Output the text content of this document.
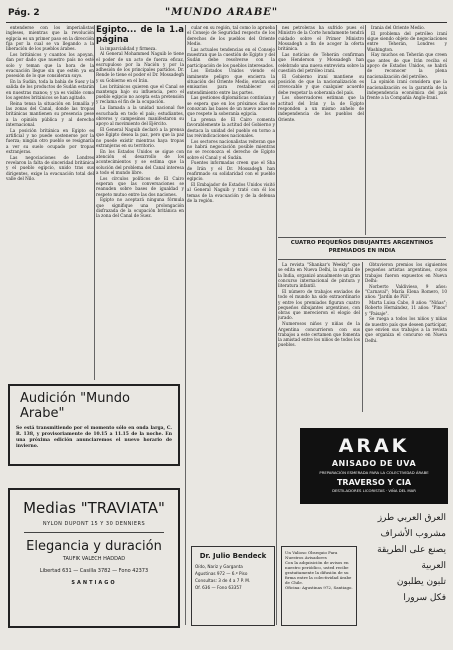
Pág. 2	"MUNDO ARABE"

entenderse con los imperialistas ingleses, mientras que la revolución egipcia es un primer paso en la dirección fija por la cual se va llegando a la liberación de los pueblos árabes.

Los británicos y cuantos los apoyan, dan por dado que nuestro país no esté solo y teman que la hora de la evacuación llegue sin que estén ya en posesión de lo que consideran suyo.

En la Sudán, toda la bahía de Suez y la salida de los productos de Sudán estarán en nuestras manos; y ya es visible como los agentes británicos se han agitado.

Reina tensa la situación en Ismailía y las zonas del Canal, donde las tropas británicas mantienen su presencia pese a la opinión pública y al derecho internacional.

La posición británica en Egipto es artificial y no puede sostenerse por la fuerza; ningún otro pueblo se resignaría a ver su suelo ocupado por tropas extranjeras.

Las negociaciones de Londres revelaron la falta de sinceridad británica y el pueblo egipcio, unido tras sus dirigentes, exige la evacuación total del valle del Nilo.

Egipto... de la 1.a página

la imparcialidad y firmeza.

Al General Mohammed Naguib le tiene el poder de un acto de fuerza eficaz, escrupuloso por la Nación y por la adhesión de los principales partidos. Dr. Rende le tiene el poder el Dr. Mossadegh y su Gobierno en el Irán.

Los británicos quieren que el Canal se mantenga bajo su influencia, pero el pueblo egipcio no acepta esta pretensión y reclama el fin de la ocupación.

La llamada a la unidad nacional fue escuchada en todo el país; estudiantes, obreros y campesinos manifestaron su apoyo al movimiento del Ejército.

El General Naguib declaró a la prensa que Egipto desea la paz, pero que la paz no puede existir mientras haya tropas extranjeras en su territorio.

En los Estados Unidos se sigue con atención el desarrollo de los acontecimientos y se estima que la solución del problema del Canal interesa a todo el mundo libre.

Los círculos políticos de El Cairo esperan que las conversaciones se reanuden sobre bases de igualdad y respeto mutuo entre las dos naciones.

Egipto no aceptará ninguna fórmula que signifique una prolongación disfrazada de la ocupación británica en la zona del Canal de Suez.

cular en su región, tal como lo aprueba el Consejo de Seguridad respecto de los derechos de los pueblos del Oriente Medio.

Las actuales tendencias en el Consejo muestran que la cuestión de Egipto y del Sudán debe resolverse con la participación de los pueblos interesados.

Los Estados Unidos viendo el inminente peligro que encierra la situación del Oriente Medio, envían sus emisarios para restablecer el entendimiento entre las partes.

Las gestiones diplomáticas continúan y se espera que en los próximos días se conozcan las bases de un nuevo acuerdo que respete la soberanía egipcia.

La prensa de El Cairo comenta favorablemente la actitud del Gobierno y destaca la unidad del pueblo en torno a las reivindicaciones nacionales.

Los sectores nacionalistas reiteran que no habrá negociación posible mientras no se reconozca el derecho de Egipto sobre el Canal y el Sudán.

Fuentes informadas creen que el Sha de Irán y el Dr. Mossadegh han reafirmado su solidaridad con el pueblo egipcio.

El Embajador de Estados Unidos visitó al General Naguib y trató con él los temas de la evacuación y de la defensa de la región.

nes petroleras ha sufrido pues el Ministro de la Corte hondamente tendrá cuidado sobre el Primer Ministro Mossadegh a fin de acoger la oferta británica.

Las noticias de Teherán confirman que Henderson y Mossadegh han celebrado una nueva entrevista sobre la cuestión del petróleo iraní.

El Gobierno iraní mantiene su posición de que la nacionalización es irrevocable y que cualquier acuerdo debe respetar la soberanía del país.

Los observadores estiman que la actitud del Irán y la de Egipto responden a un mismo anhelo de independencia de los pueblos del Oriente.

Irania del Oriente Medio.

El problema del petróleo iraní sigue siendo objeto de negociaciones entre Teherán, Londres y Washington.

Hay muchos en Teherán que creen que antes de que Irán reciba el apoyo de Estados Unidos, se habrá de reconocer la plena nacionalización del petróleo.

La opinión iraní considera que la nacionalización es la garantía de la independencia económica del país frente a la Compañía Anglo-Iraní.

CUATRO PEQUEÑOS DIBUJANTES ARGENTINOS
PREMIADOS EN INDIA

La revista "Shankar's Weekly" que se edita en Nueva Delhi, la capital de la India, organizó anualmente un gran concurso internacional de pintura y literatura infantil.

El número de trabajos enviados de todo el mundo ha sido extraordinario y entre los premiados figuran cuatro pequeños dibujantes argentinos, con obras que merecieron el elogio del jurado.

Numerosos niños y niñas de la Argentina concurrieron con sus trabajos a este certamen que fomenta la amistad entre los niños de todos los pueblos.

Obtuvieron premios los siguientes pequeños artistas argentinos, cuyos trabajos fueron expuestos en Nueva Delhi:

Norberto Valdivieso, 9 años: "Carnaval"; María Elena Romero, 10 años: "Jardín de Pilí".

Marta Luisa Cabo, 8 años: "Niñas"; Roberto Hernández, 11 años: "Pinos" y "Paisaje".

Se ruega a todos los niños y niñas de nuestro país que deseen participar, que envíen sus trabajos a la revista que organiza el concurso en Nueva Delhi.

Audición "Mundo Arabe"
Se está transmitiendo por el momento sólo en onda larga, C. R. 138, y provisoriamente de 10.15 a 11.15 de la noche. En una próxima edición anunciaremos el nuevo horario de invierno.
Medias "TRAVIATA"
NYLON DUPONT 15 Y 30 DENNIERS
Elegancia y duración
TAUFIK VALECH HADDAD
Libertad 631 — Casilla 3782 — Fono 42373
SANTIAGO
Dr. Julio Bendeck
Oído, Nariz y Garganta
Agustinas 972 — 6.º Piso
Consultas: 3 de 4 a 7 P. M.
Of. 636 — Fono 63357
Un Valioso Obsequio Para Nuestros Avisadores
Con la adquisición de avisos en nuestro periódico, usted recibe gratuitamente la difusión de su firma entre la colectividad árabe de Chile.
Oficina: Agustinas 972, Santiago.
ARAK
ANISADO DE UVA
PREPARACIÓN ESMERADA PARA LA COLECTIVIDAD ÁRABE
TRAVERSO Y CIA
DESTILADORES LICORISTAS · VIÑA DEL MAR
العرق العربي طرز
مشروب الأشراف
يصنع على الطريقة العربية
تلبون يطلبون
فكل سرورا
